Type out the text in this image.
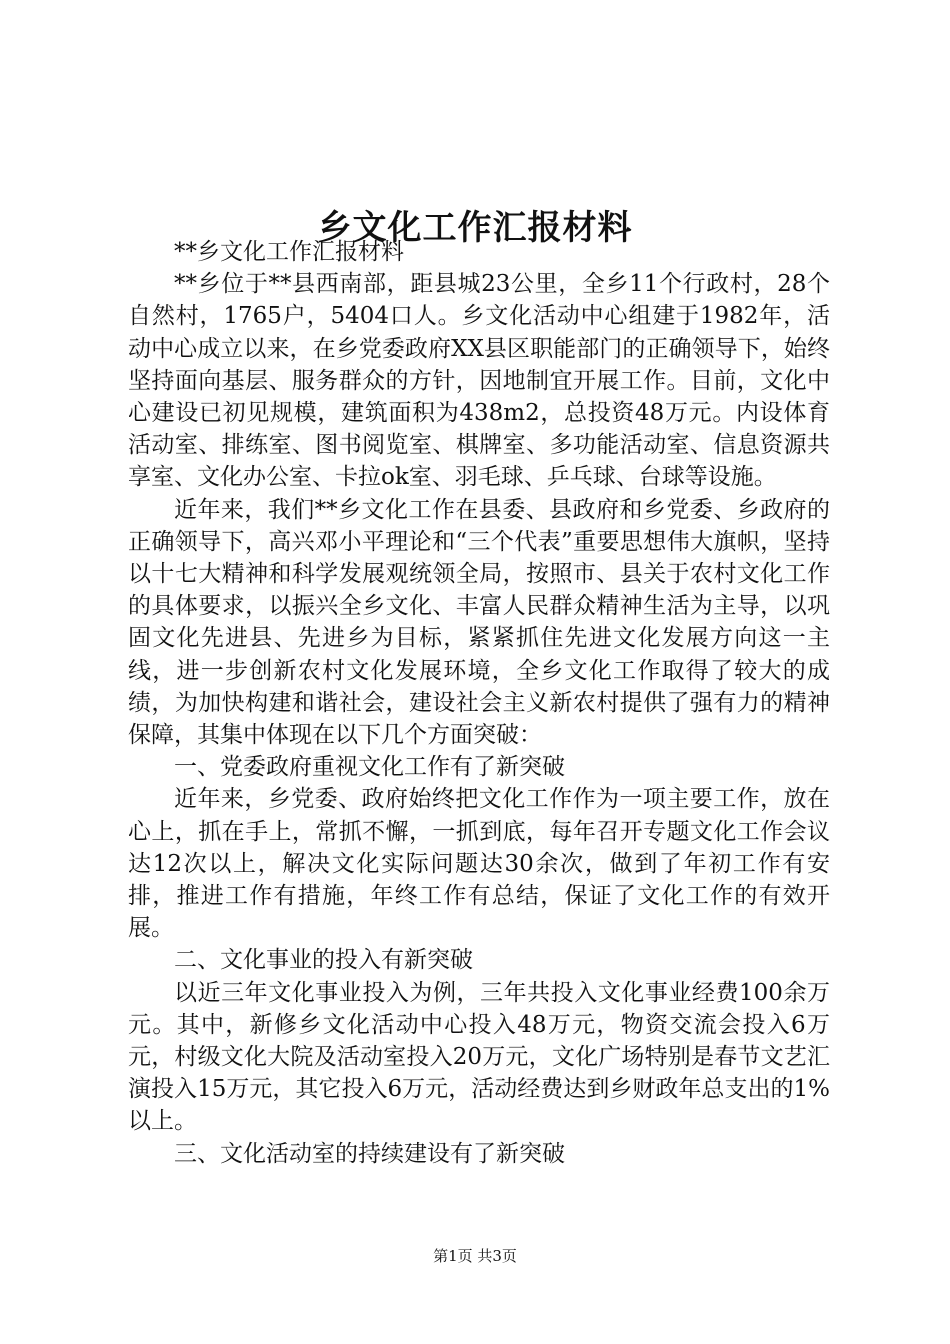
乡文化工作汇报材料

**乡文化工作汇报材料

**乡位于**县西南部，距县城23公里，全乡11个行政村，28个自然村，1765户，5404口人。乡文化活动中心组建于1982年，活动中心成立以来，在乡党委政府XX县区职能部门的正确领导下，始终坚持面向基层、服务群众的方针，因地制宜开展工作。目前，文化中心建设已初见规模，建筑面积为438m2，总投资48万元。内设体育活动室、排练室、图书阅览室、棋牌室、多功能活动室、信息资源共享室、文化办公室、卡拉ok室、羽毛球、乒乓球、台球等设施。

近年来，我们**乡文化工作在县委、县政府和乡党委、乡政府的正确领导下，高兴邓小平理论和“三个代表”重要思想伟大旗帜，坚持以十七大精神和科学发展观统领全局，按照市、县关于农村文化工作的具体要求，以振兴全乡文化、丰富人民群众精神生活为主导，以巩固文化先进县、先进乡为目标，紧紧抓住先进文化发展方向这一主线，进一步创新农村文化发展环境，全乡文化工作取得了较大的成绩，为加快构建和谐社会，建设社会主义新农村提供了强有力的精神保障，其集中体现在以下几个方面突破：

一、党委政府重视文化工作有了新突破

近年来，乡党委、政府始终把文化工作作为一项主要工作，放在心上，抓在手上，常抓不懈，一抓到底，每年召开专题文化工作会议达12次以上，解决文化实际问题达30余次，做到了年初工作有安排，推进工作有措施，年终工作有总结，保证了文化工作的有效开展。

二、文化事业的投入有新突破

以近三年文化事业投入为例，三年共投入文化事业经费100余万元。其中，新修乡文化活动中心投入48万元，物资交流会投入6万元，村级文化大院及活动室投入20万元，文化广场特别是春节文艺汇演投入15万元，其它投入6万元，活动经费达到乡财政年总支出的1%以上。

三、文化活动室的持续建设有了新突破

第1页 共3页
